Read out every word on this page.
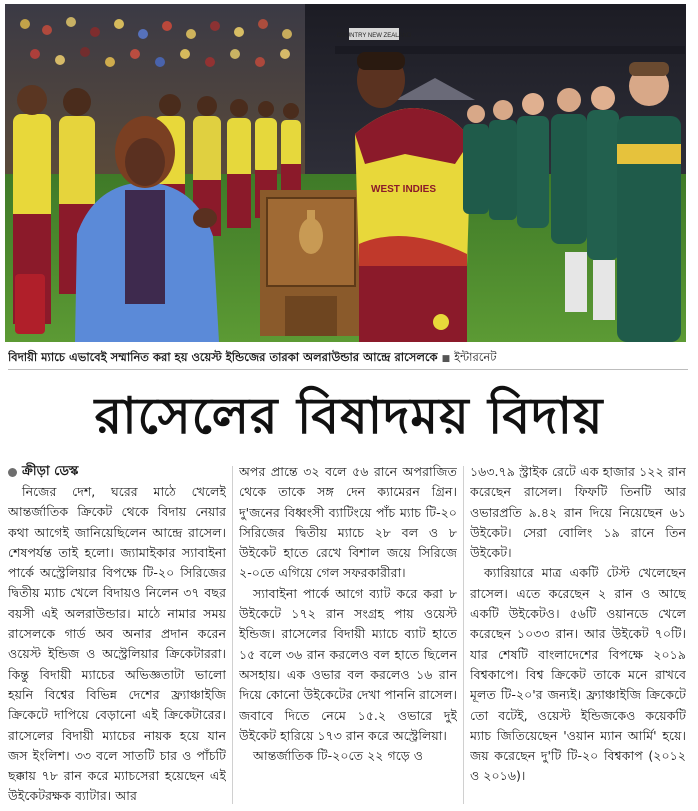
COUNTRY NEW ZEALAND
WEST INDIES
বিদায়ী ম্যাচে এভাবেই সম্মানিত করা হয় ওয়েস্ট ইন্ডিজের তারকা অলরাউন্ডার আন্দ্রে রাসেলকে ■ ইন্টারনেট
রাসেলের বিষাদময় বিদায়
ক্রীড়া ডেস্ক

নিজের দেশ, ঘরের মাঠে খেলেই আন্তর্জাতিক ক্রিকেট থেকে বিদায় নেয়ার কথা আগেই জানিয়েছিলেন আন্দ্রে রাসেল। শেষপর্যন্ত তাই হলো। জ্যামাইকার স্যাবাইনা পার্কে অস্ট্রেলিয়ার বিপক্ষে টি-২০ সিরিজের দ্বিতীয় ম্যাচ খেলে বিদায়ও নিলেন ৩৭ বছর বয়সী এই অলরাউন্ডার। মাঠে নামার সময় রাসেলকে গার্ড অব অনার প্রদান করেন ওয়েস্ট ইন্ডিজ ও অস্ট্রেলিয়ার ক্রিকেটাররা। কিন্তু বিদায়ী ম্যাচের অভিজ্ঞতাটা ভালো হয়নি বিশ্বের বিভিন্ন দেশের ফ্র্যাঞ্চাইজি ক্রিকেটে দাপিয়ে বেড়ানো এই ক্রিকেটারের। রাসেলের বিদায়ী ম্যাচের নায়ক হয়ে যান জস ইংলিশ। ৩৩ বলে সাতটি চার ও পাঁচটি ছক্কায় ৭৮ রান করে ম্যাচসেরা হয়েছেন এই উইকেটরক্ষক ব্যাটার। আর

অপর প্রান্তে ৩২ বলে ৫৬ রানে অপরাজিত থেকে তাকে সঙ্গ দেন ক্যামেরন গ্রিন। দু'জনের বিধ্বংসী ব্যাটিংয়ে পাঁচ ম্যাচ টি-২০ সিরিজের দ্বিতীয় ম্যাচে ২৮ বল ও ৮ উইকেট হাতে রেখে বিশাল জয়ে সিরিজে ২-০তে এগিয়ে গেল সফরকারীরা।

স্যাবাইনা পার্কে আগে ব্যাট করে করা ৮ উইকেটে ১৭২ রান সংগ্রহ পায় ওয়েস্ট ইন্ডিজ। রাসেলের বিদায়ী ম্যাচে ব্যাট হাতে ১৫ বলে ৩৬ রান করলেও বল হাতে ছিলেন অসহায়। এক ওভার বল করলেও ১৬ রান দিয়ে কোনো উইকেটের দেখা পাননি রাসেল। জবাবে দিতে নেমে ১৫.২ ওভারে দুই উইকেট হারিয়ে ১৭৩ রান করে অস্ট্রেলিয়া।

আন্তর্জাতিক টি-২০তে ২২ গড়ে ও

১৬৩.৭৯ স্ট্রাইক রেটে এক হাজার ১২২ রান করেছেন রাসেল। ফিফটি তিনটি আর ওভারপ্রতি ৯.৪২ রান দিয়ে নিয়েছেন ৬১ উইকেট। সেরা বোলিং ১৯ রানে তিন উইকেট।

ক্যারিয়ারে মাত্র একটি টেস্ট খেলেছেন রাসেল। এতে করেছেন ২ রান ও আছে একটি উইকেটও। ৫৬টি ওয়ানডে খেলে করেছেন ১০৩৩ রান। আর উইকেট ৭০টি। যার শেষটি বাংলাদেশের বিপক্ষে ২০১৯ বিশ্বকাপে। বিশ্ব ক্রিকেট তাকে মনে রাখবে মূলত টি-২০'র জন্যই। ফ্র্যাঞ্চাইজি ক্রিকেটে তো বটেই, ওয়েস্ট ইন্ডিজকেও কয়েকটি ম্যাচ জিতিয়েছেন 'ওয়ান ম্যান আর্মি' হয়ে। জয় করেছেন দু'টি টি-২০ বিশ্বকাপ (২০১২ ও ২০১৬)।
